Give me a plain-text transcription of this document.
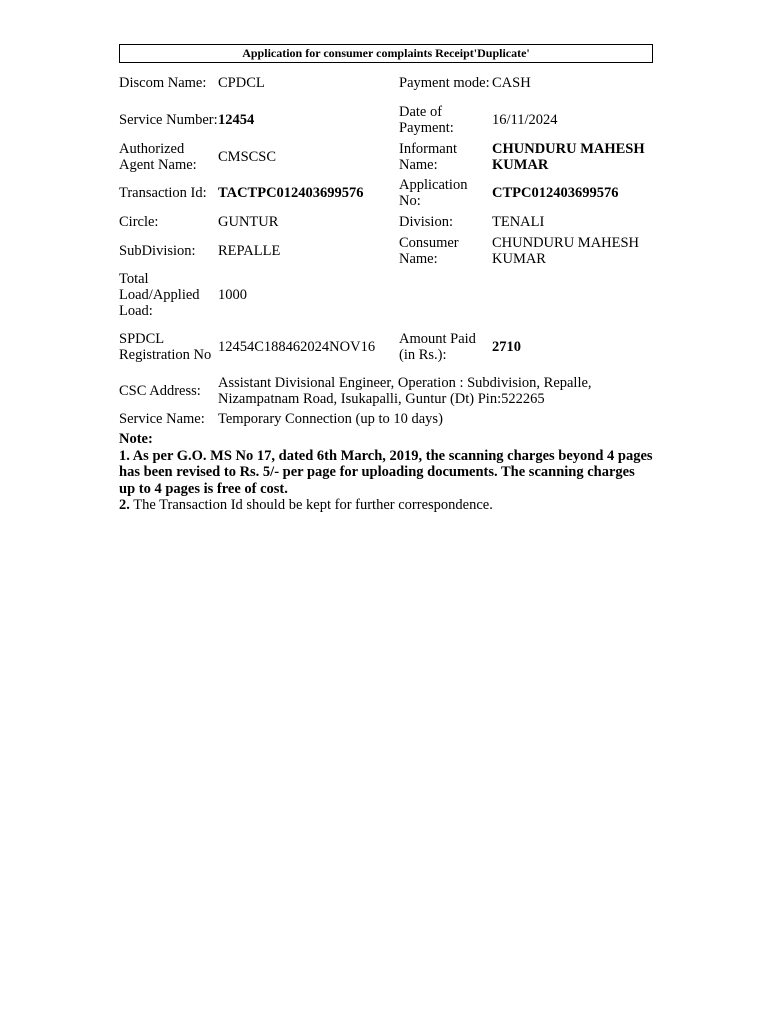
Application for consumer complaints Receipt'Duplicate'
Discom Name:	CPDCL	Payment mode:	CASH
Service Number:	12454	Date of Payment:	16/11/2024
Authorized Agent Name:	CMSCSC	Informant Name:	CHUNDURU MAHESH KUMAR
Transaction Id:	TACTPC012403699576	Application No:	CTPC012403699576
Circle:	GUNTUR	Division:	TENALI
SubDivision:	REPALLE	Consumer Name:	CHUNDURU MAHESH KUMAR
Total Load/Applied Load:	1000		
SPDCL Registration No	12454C188462024NOV16	Amount Paid (in Rs.):	2710
CSC Address:	Assistant Divisional Engineer, Operation : Subdivision, Repalle, Nizampatnam Road, Isukapalli, Guntur (Dt) Pin:522265		
Service Name:	Temporary Connection (up to 10 days)		
Note:
1. As per G.O. MS No 17, dated 6th March, 2019, the scanning charges beyond 4 pages has been revised to Rs. 5/- per page for uploading documents. The scanning charges up to 4 pages is free of cost.
2. The Transaction Id should be kept for further correspondence.
